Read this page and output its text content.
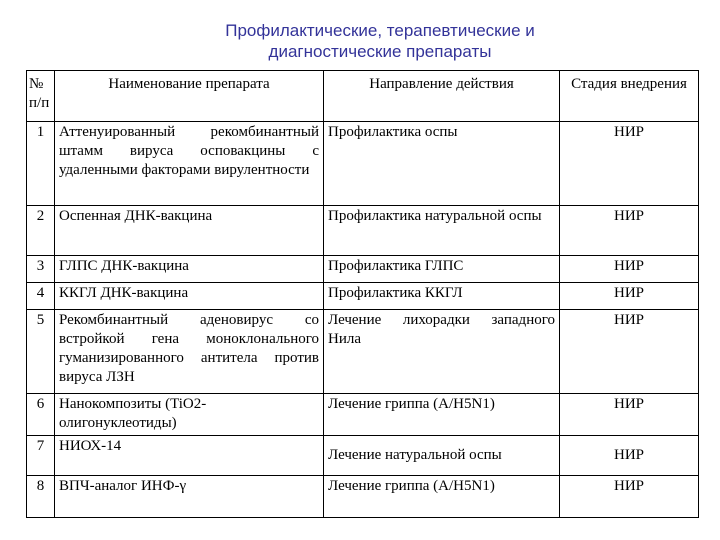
Профилактические, терапевтические и
диагностические препараты
№ п/п	Наименование препарата	Направление действия	Стадия внедрения
1	Аттенуированный рекомбинантный штамм вируса осповакцины с удаленными факторами вирулентности	Профилактика оспы	НИР
2	Оспенная ДНК-вакцина	Профилактика натуральной оспы	НИР
3	ГЛПС ДНК-вакцина	Профилактика ГЛПС	НИР
4	ККГЛ ДНК-вакцина	Профилактика ККГЛ	НИР
5	Рекомбинантный аденовирус со встройкой гена моноклонального гуманизированного антитела против вируса ЛЗН	Лечение лихорадки западного Нила	НИР
6	Нанокомпозиты (TiO2-олигонуклеотиды)	Лечение гриппа (A/H5N1)	НИР
7	НИОХ-14	Лечение натуральной оспы	НИР
8	ВПЧ-аналог ИНФ-γ	Лечение гриппа (A/H5N1)	НИР
